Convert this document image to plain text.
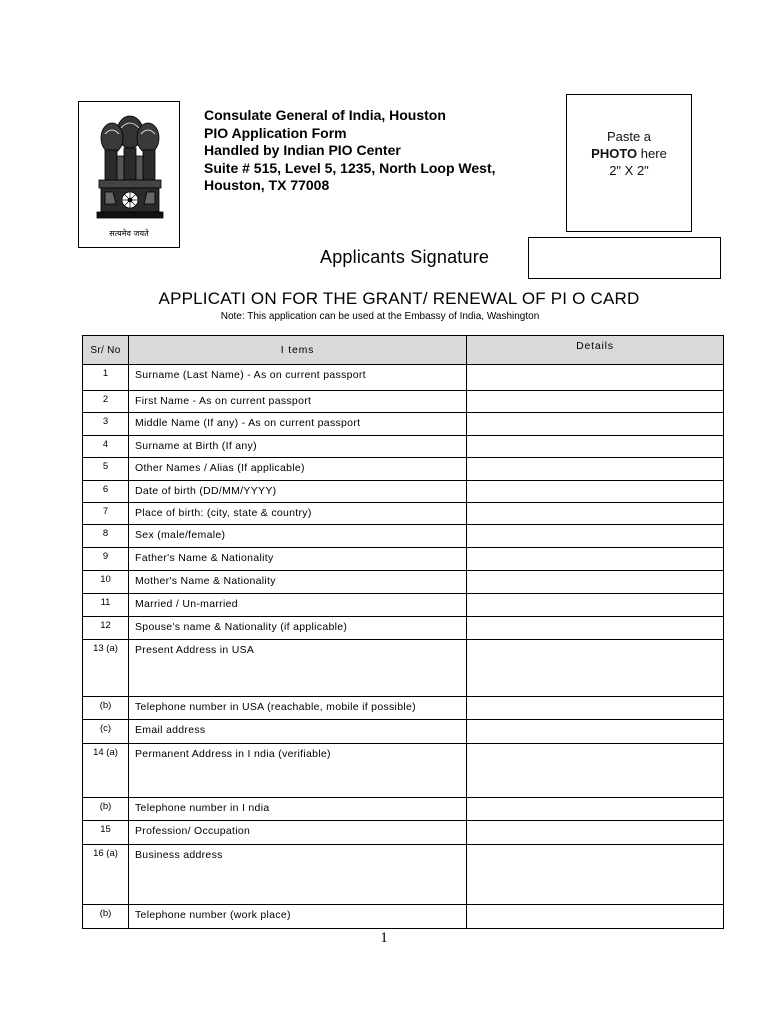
सत्यमेव जयते
Consulate General of India, Houston
PIO Application Form
Handled by Indian PIO Center
Suite # 515, Level 5, 1235, North Loop West,
Houston, TX 77008
Paste a
PHOTO here
2" X 2"
Applicants Signature
APPLICATI ON FOR THE GRANT/ RENEWAL OF PI O CARD
Note: This application can be used at the Embassy of India, Washington
Sr/ No	I tems	Details
1	Surname (Last Name) - As on current passport	
2	First Name - As on current passport	
3	Middle Name (If any) - As on current passport	
4	Surname at Birth (If any)	
5	Other Names / Alias (If applicable)	
6	Date of birth (DD/MM/YYYY)	
7	Place of birth: (city, state & country)	
8	Sex (male/female)	
9	Father's Name & Nationality	
10	Mother's Name & Nationality	
11	Married / Un-married	
12	Spouse's name & Nationality (if applicable)	
13 (a)	Present Address in USA	
(b)	Telephone number in USA (reachable, mobile if possible)	
(c)	Email address	
14 (a)	Permanent Address in I ndia (verifiable)	
(b)	Telephone number in I ndia	
15	Profession/ Occupation	
16 (a)	Business address	
(b)	Telephone number (work place)	
1
